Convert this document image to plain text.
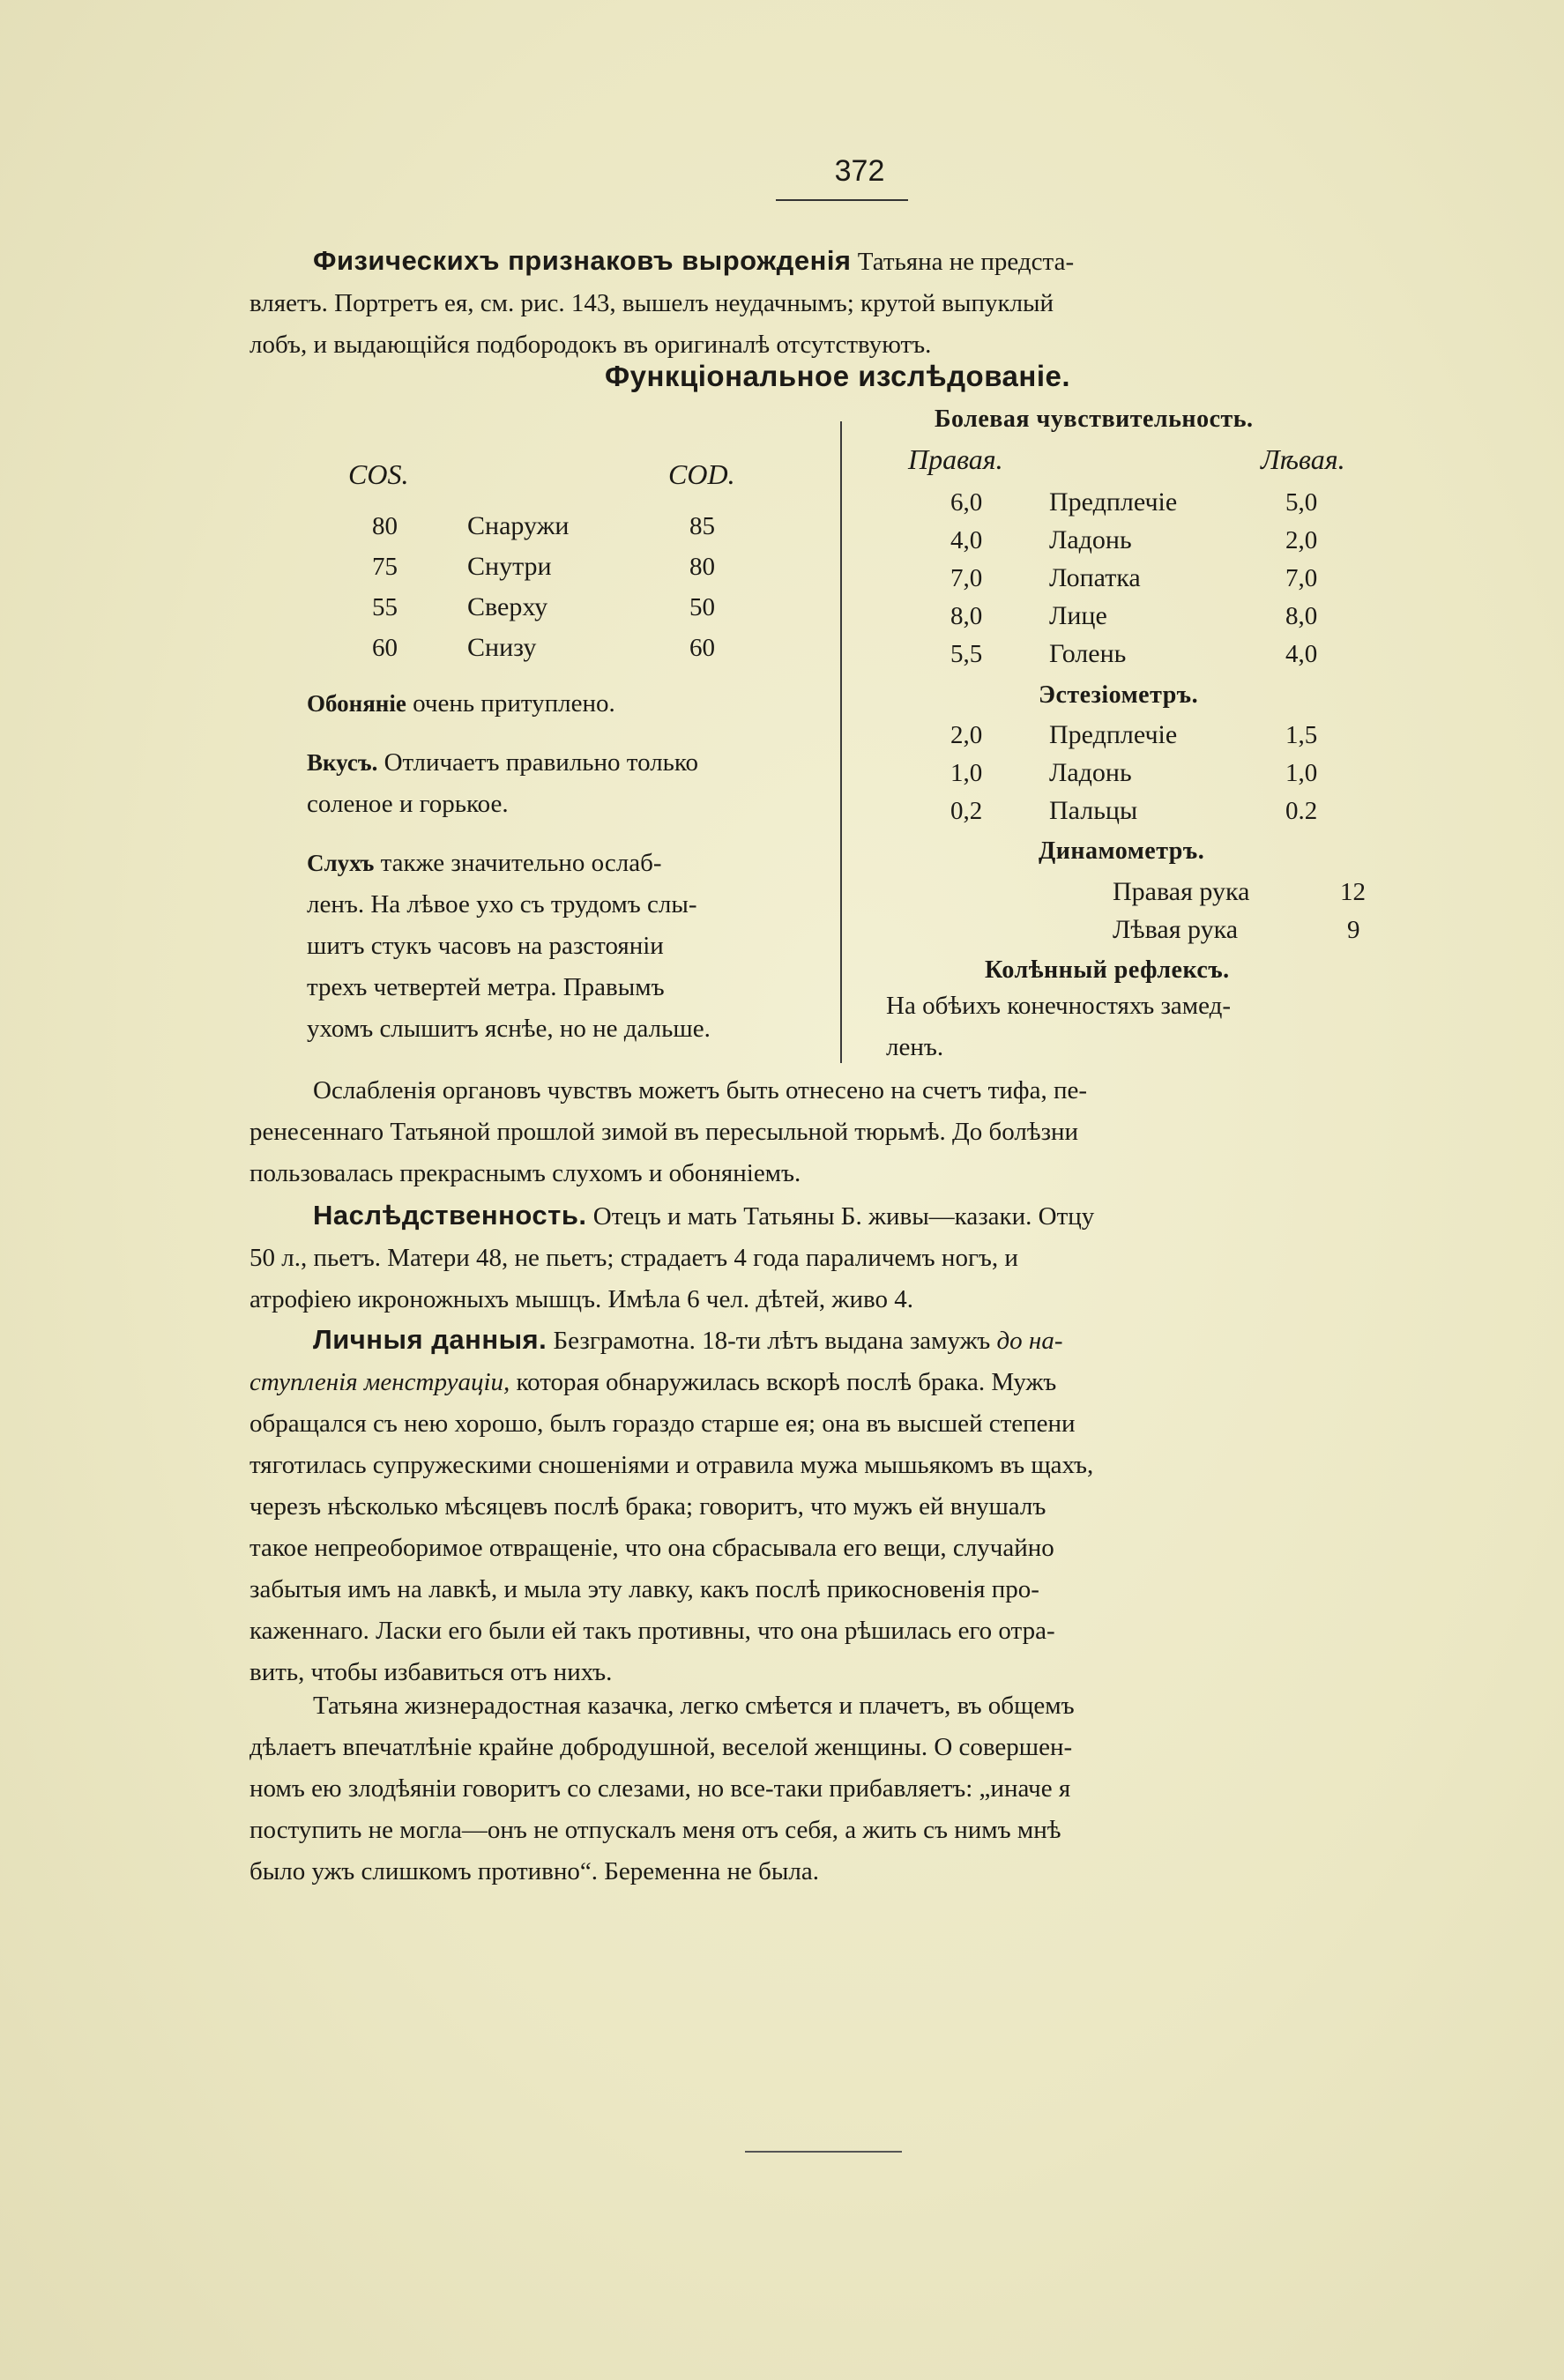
372

Физическихъ признаковъ вырожденія Татьяна не предста-

вляетъ. Портретъ ея, см. рис. 143, вышелъ неудачнымъ; крутой выпуклый

лобъ, и выдающійся подбородокъ въ оригиналѣ отсутствуютъ.

Функціональное изслѣдованіе.
COS.	COD.
80	Снаружи	85
75	Снутри	80
55	Сверху	50
60	Снизу	60

Обоняніе очень притуплено.

Вкусъ. Отличаетъ правильно только

соленое и горькое.

Слухъ также значительно ослаб-

ленъ. На лѣвое ухо съ трудомъ слы-

шитъ стукъ часовъ на разстояніи

трехъ четвертей метра. Правымъ

ухомъ слышитъ яснѣе, но не дальше.

Болевая чувствительность.
Правая.	Лѣвая.
6,0	Предплечіе	5,0
4,0	Ладонь	2,0
7,0	Лопатка	7,0
8,0	Лице	8,0
5,5	Голень	4,0
Эстезіометръ.
2,0	Предплечіе	1,5
1,0	Ладонь	1,0
0,2	Пальцы	0.2
Динамометръ.
Правая рука	12
Лѣвая рука	9
Колѣнный рефлексъ.

На обѣихъ конечностяхъ замед-

ленъ.

Ослабленія органовъ чувствъ можетъ быть отнесено на счетъ тифа, пе-

ренесеннаго Татьяной прошлой зимой въ пересыльной тюрьмѣ. До болѣзни

пользовалась прекраснымъ слухомъ и обоняніемъ.

Наслѣдственность. Отецъ и мать Татьяны Б. живы—казаки. Отцу

50 л., пьетъ. Матери 48, не пьетъ; страдаетъ 4 года параличемъ ногъ, и

атрофіею икроножныхъ мышцъ. Имѣла 6 чел. дѣтей, живо 4.

Личныя данныя. Безграмотна. 18-ти лѣтъ выдана замужъ до на-

ступленія менструаціи, которая обнаружилась вскорѣ послѣ брака. Мужъ

обращался съ нею хорошо, былъ гораздо старше ея; она въ высшей степени

тяготилась супружескими сношеніями и отравила мужа мышьякомъ въ щахъ,

черезъ нѣсколько мѣсяцевъ послѣ брака; говоритъ, что мужъ ей внушалъ

такое непреоборимое отвращеніе, что она сбрасывала его вещи, случайно

забытыя имъ на лавкѣ, и мыла эту лавку, какъ послѣ прикосновенія про-

каженнаго. Ласки его были ей такъ противны, что она рѣшилась его отра-

вить, чтобы избавиться отъ нихъ.

Татьяна жизнерадостная казачка, легко смѣется и плачетъ, въ общемъ

дѣлаетъ впечатлѣніе крайне добродушной, веселой женщины. О совершен-

номъ ею злодѣяніи говоритъ со слезами, но все-таки прибавляетъ: „иначе я

поступить не могла—онъ не отпускалъ меня отъ себя, а жить съ нимъ мнѣ

было ужъ слишкомъ противно“. Беременна не была.
